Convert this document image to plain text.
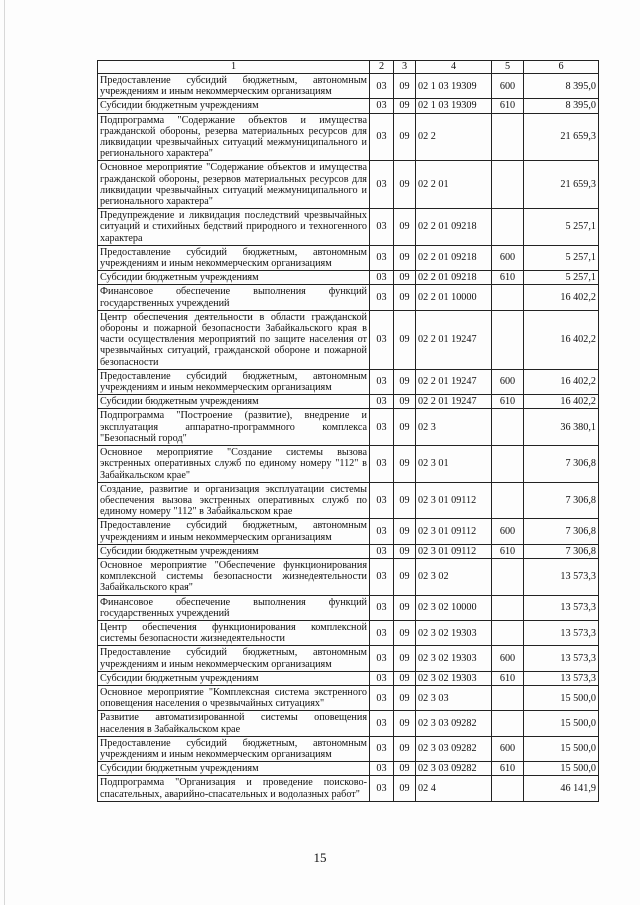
1	2	3	4	5	6
Предоставление субсидий бюджетным, автономным учреждениям и иным некоммерческим организациям	03	09	02 1 03 19309	600	8 395,0
Субсидии бюджетным учреждениям	03	09	02 1 03 19309	610	8 395,0
Подпрограмма "Содержание объектов и имущества гражданской обороны, резерва материальных ресурсов для ликвидации чрезвычайных ситуаций межмуниципального и регионального характера"	03	09	02 2		21 659,3
Основное мероприятие "Содержание объектов и имущества гражданской обороны, резервов материальных ресурсов для ликвидации чрезвычайных ситуаций межмуниципального и регионального характера"	03	09	02 2 01		21 659,3
Предупреждение и ликвидация последствий чрезвычайных ситуаций и стихийных бедствий природного и техногенного характера	03	09	02 2 01 09218		5 257,1
Предоставление субсидий бюджетным, автономным учреждениям и иным некоммерческим организациям	03	09	02 2 01 09218	600	5 257,1
Субсидии бюджетным учреждениям	03	09	02 2 01 09218	610	5 257,1
Финансовое обеспечение выполнения функций государственных учреждений	03	09	02 2 01 10000		16 402,2
Центр обеспечения деятельности в области гражданской обороны и пожарной безопасности Забайкальского края в части осуществления мероприятий по защите населения от чрезвычайных ситуаций, гражданской обороне и пожарной безопасности	03	09	02 2 01 19247		16 402,2
Предоставление субсидий бюджетным, автономным учреждениям и иным некоммерческим организациям	03	09	02 2 01 19247	600	16 402,2
Субсидии бюджетным учреждениям	03	09	02 2 01 19247	610	16 402,2
Подпрограмма "Построение (развитие), внедрение и эксплуатация аппаратно-программного комплекса "Безопасный город"	03	09	02 3		36 380,1
Основное мероприятие "Создание системы вызова экстренных оперативных служб по единому номеру "112" в Забайкальском крае"	03	09	02 3 01		7 306,8
Создание, развитие и организация эксплуатации системы обеспечения вызова экстренных оперативных служб по единому номеру "112" в Забайкальском крае	03	09	02 3 01 09112		7 306,8
Предоставление субсидий бюджетным, автономным учреждениям и иным некоммерческим организациям	03	09	02 3 01 09112	600	7 306,8
Субсидии бюджетным учреждениям	03	09	02 3 01 09112	610	7 306,8
Основное мероприятие "Обеспечение функционирования комплексной системы безопасности жизнедеятельности Забайкальского края"	03	09	02 3 02		13 573,3
Финансовое обеспечение выполнения функций государственных учреждений	03	09	02 3 02 10000		13 573,3
Центр обеспечения функционирования комплексной системы безопасности жизнедеятельности	03	09	02 3 02 19303		13 573,3
Предоставление субсидий бюджетным, автономным учреждениям и иным некоммерческим организациям	03	09	02 3 02 19303	600	13 573,3
Субсидии бюджетным учреждениям	03	09	02 3 02 19303	610	13 573,3
Основное мероприятие "Комплексная система экстренного оповещения населения о чрезвычайных ситуациях"	03	09	02 3 03		15 500,0
Развитие автоматизированной системы оповещения населения в Забайкальском крае	03	09	02 3 03 09282		15 500,0
Предоставление субсидий бюджетным, автономным учреждениям и иным некоммерческим организациям	03	09	02 3 03 09282	600	15 500,0
Субсидии бюджетным учреждениям	03	09	02 3 03 09282	610	15 500,0
Подпрограмма "Организация и проведение поисково-спасательных, аварийно-спасательных и водолазных работ"	03	09	02 4		46 141,9
15
